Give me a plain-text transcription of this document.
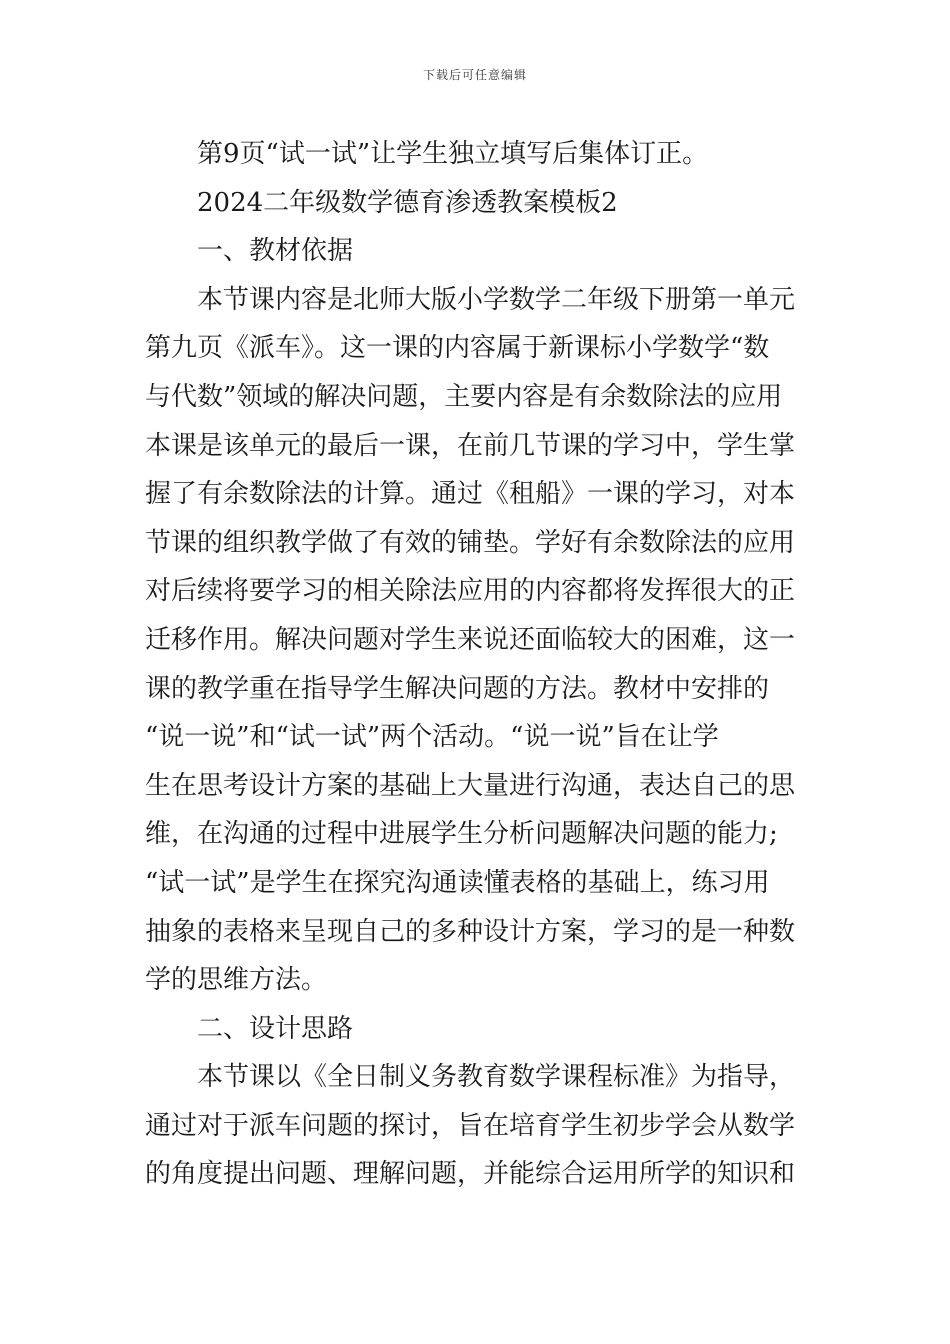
下载后可任意编辑
第9页“试一试”让学生独立填写后集体订正。
2024二年级数学德育渗透教案模板2
一、教材依据
本节课内容是北师大版小学数学二年级下册第一单元
第九页《派车》。这一课的内容属于新课标小学数学“数
与代数”领域的解决问题，主要内容是有余数除法的应用
本课是该单元的最后一课，在前几节课的学习中，学生掌
握了有余数除法的计算。通过《租船》一课的学习，对本
节课的组织教学做了有效的铺垫。学好有余数除法的应用
对后续将要学习的相关除法应用的内容都将发挥很大的正
迁移作用。解决问题对学生来说还面临较大的困难，这一
课的教学重在指导学生解决问题的方法。教材中安排的
“说一说”和“试一试”两个活动。“说一说”旨在让学
生在思考设计方案的基础上大量进行沟通，表达自己的思
维，在沟通的过程中进展学生分析问题解决问题的能力;
“试一试”是学生在探究沟通读懂表格的基础上，练习用
抽象的表格来呈现自己的多种设计方案，学习的是一种数
学的思维方法。
二、设计思路
本节课以《全日制义务教育数学课程标准》为指导，
通过对于派车问题的探讨，旨在培育学生初步学会从数学
的角度提出问题、理解问题，并能综合运用所学的知识和
